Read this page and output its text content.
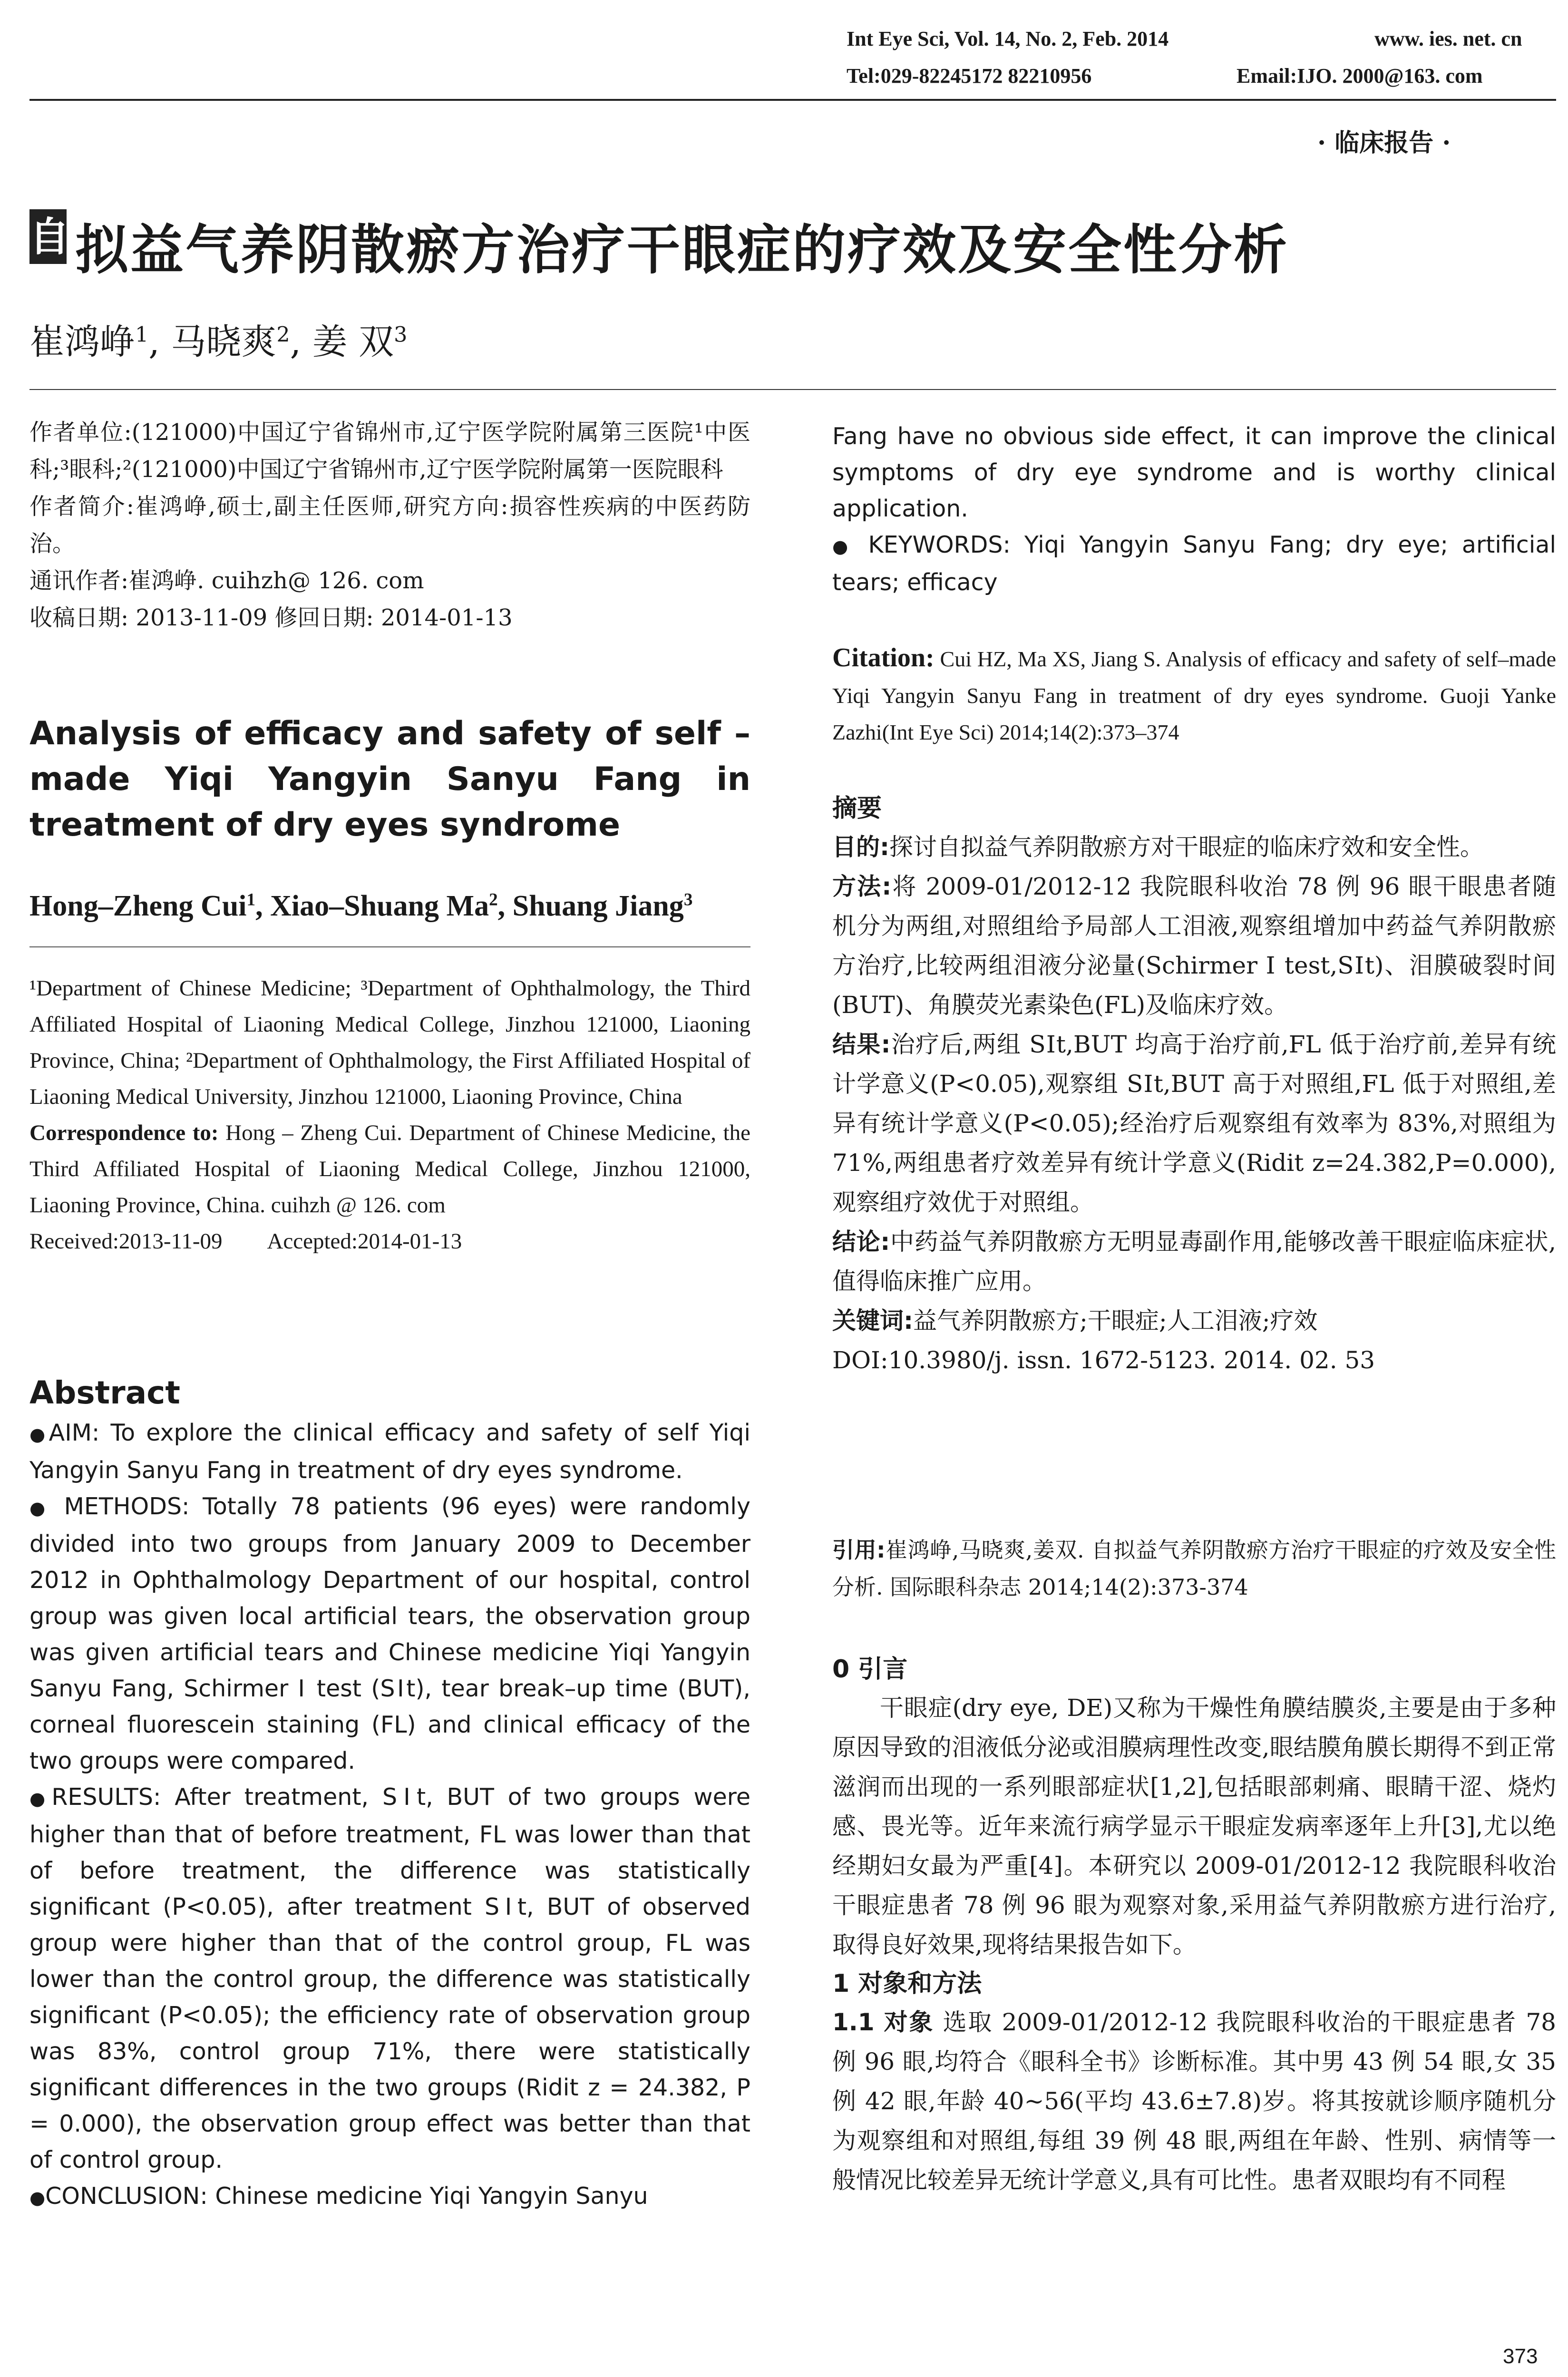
Int Eye Sci, Vol. 14, No. 2, Feb. 2014	www. ies. net. cn
Tel:029-82245172 82210956	Email:IJO. 2000@163. com
· 临床报告 ·
自 拟益气养阴散瘀方治疗干眼症的疗效及安全性分析
崔鸿峥$^1$, 马晓爽$^2$, 姜 双$^3$

作者单位:(121000)中国辽宁省锦州市,辽宁医学院附属第三医院¹中医科;³眼科;²(121000)中国辽宁省锦州市,辽宁医学院附属第一医院眼科

作者简介:崔鸿峥,硕士,副主任医师,研究方向:损容性疾病的中医药防治。

通讯作者:崔鸿峥. cuihzh@ 126. com

收稿日期: 2013-11-09 修回日期: 2014-01-13

Analysis of efficacy and safety of self –
made Yiqi Yangyin Sanyu Fang in
treatment of dry eyes syndrome
Hong–Zheng Cui$^1$, Xiao–Shuang Ma$^2$, Shuang Jiang$^3$

¹Department of Chinese Medicine; ³Department of Ophthalmology, the Third Affiliated Hospital of Liaoning Medical College, Jinzhou 121000, Liaoning Province, China; ²Department of Ophthalmology, the First Affiliated Hospital of Liaoning Medical University, Jinzhou 121000, Liaoning Province, China

Correspondence to: Hong – Zheng Cui. Department of Chinese Medicine, the Third Affiliated Hospital of Liaoning Medical College, Jinzhou 121000, Liaoning Province, China. cuihzh @ 126. com

Received:2013-11-09 Accepted:2014-01-13

Abstract

●AIM: To explore the clinical efficacy and safety of self Yiqi Yangyin Sanyu Fang in treatment of dry eyes syndrome.

● METHODS: Totally 78 patients (96 eyes) were randomly divided into two groups from January 2009 to December 2012 in Ophthalmology Department of our hospital, control group was given local artificial tears, the observation group was given artificial tears and Chinese medicine Yiqi Yangyin Sanyu Fang, Schirmer Ⅰ test (SⅠt), tear break–up time (BUT), corneal fluorescein staining (FL) and clinical efficacy of the two groups were compared.

●RESULTS: After treatment, SⅠt, BUT of two groups were higher than that of before treatment, FL was lower than that of before treatment, the difference was statistically significant (P<0.05), after treatment SⅠt, BUT of observed group were higher than that of the control group, FL was lower than the control group, the difference was statistically significant (P<0.05); the efficiency rate of observation group was 83%, control group 71%, there were statistically significant differences in the two groups (Ridit z = 24.382, P = 0.000), the observation group effect was better than that of control group.

●CONCLUSION: Chinese medicine Yiqi Yangyin Sanyu

Fang have no obvious side effect, it can improve the clinical symptoms of dry eye syndrome and is worthy clinical application.

● KEYWORDS: Yiqi Yangyin Sanyu Fang; dry eye; artificial tears; efficacy

Citation: Cui HZ, Ma XS, Jiang S. Analysis of efficacy and safety of self–made Yiqi Yangyin Sanyu Fang in treatment of dry eyes syndrome. Guoji Yanke Zazhi(Int Eye Sci) 2014;14(2):373–374
摘要

目的:探讨自拟益气养阴散瘀方对干眼症的临床疗效和安全性。

方法:将 2009-01/2012-12 我院眼科收治 78 例 96 眼干眼患者随机分为两组,对照组给予局部人工泪液,观察组增加中药益气养阴散瘀方治疗,比较两组泪液分泌量(Schirmer Ⅰ test,SⅠt)、泪膜破裂时间(BUT)、角膜荧光素染色(FL)及临床疗效。

结果:治疗后,两组 SⅠt,BUT 均高于治疗前,FL 低于治疗前,差异有统计学意义(P<0.05),观察组 SⅠt,BUT 高于对照组,FL 低于对照组,差异有统计学意义(P<0.05);经治疗后观察组有效率为 83%,对照组为 71%,两组患者疗效差异有统计学意义(Ridit z=24.382,P=0.000),观察组疗效优于对照组。

结论:中药益气养阴散瘀方无明显毒副作用,能够改善干眼症临床症状,值得临床推广应用。

关键词:益气养阴散瘀方;干眼症;人工泪液;疗效

DOI:10.3980/j. issn. 1672-5123. 2014. 02. 53

引用:崔鸿峥,马晓爽,姜双. 自拟益气养阴散瘀方治疗干眼症的疗效及安全性分析. 国际眼科杂志 2014;14(2):373-374
0 引言

干眼症(dry eye, DE)又称为干燥性角膜结膜炎,主要是由于多种原因导致的泪液低分泌或泪膜病理性改变,眼结膜角膜长期得不到正常滋润而出现的一系列眼部症状[1,2],包括眼部刺痛、眼睛干涩、烧灼感、畏光等。近年来流行病学显示干眼症发病率逐年上升[3],尤以绝经期妇女最为严重[4]。本研究以 2009-01/2012-12 我院眼科收治干眼症患者 78 例 96 眼为观察对象,采用益气养阴散瘀方进行治疗,取得良好效果,现将结果报告如下。

1 对象和方法

1.1 对象 选取 2009-01/2012-12 我院眼科收治的干眼症患者 78 例 96 眼,均符合《眼科全书》诊断标准。其中男 43 例 54 眼,女 35 例 42 眼,年龄 40~56(平均 43.6±7.8)岁。将其按就诊顺序随机分为观察组和对照组,每组 39 例 48 眼,两组在年龄、性别、病情等一般情况比较差异无统计学意义,具有可比性。患者双眼均有不同程

373
